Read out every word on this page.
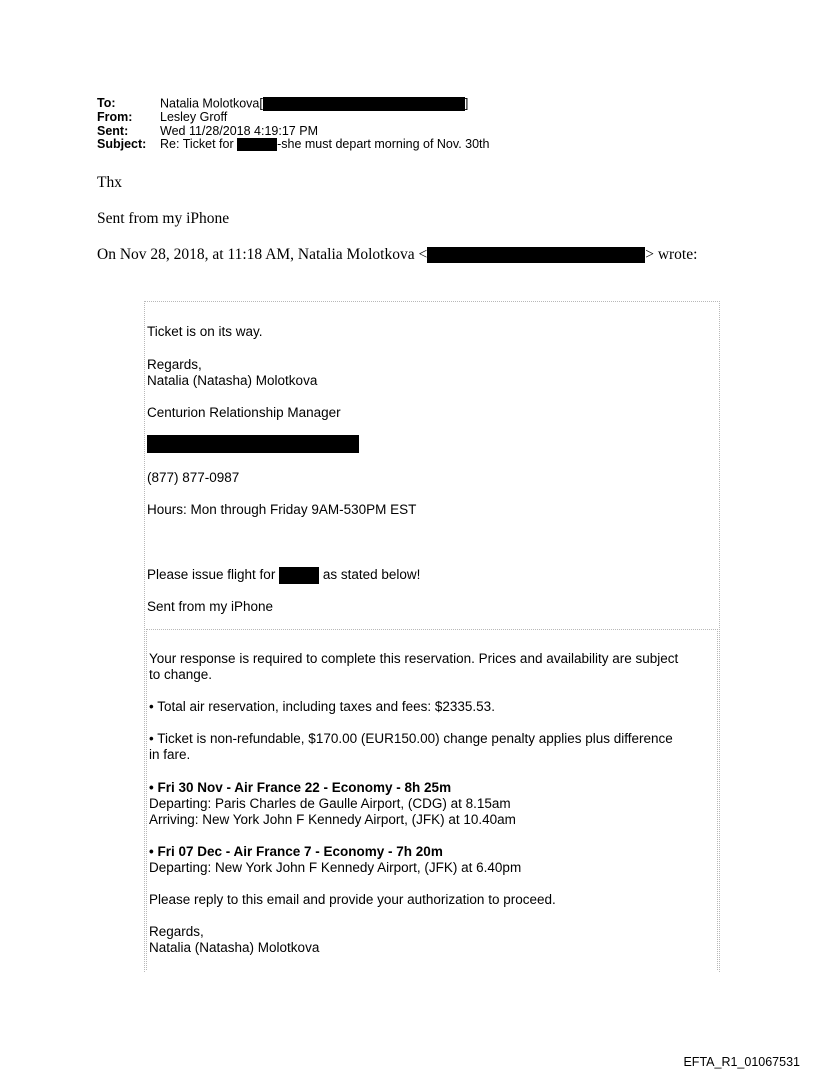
To:	Natalia Molotkova[	]
From:	Lesley Groff
Sent:	Wed 11/28/2018 4:19:17 PM
Subject:	Re: Ticket for	-she must depart morning of Nov. 30th
Thx
Sent from my iPhone
On Nov 28, 2018, at 11:18 AM, Natalia Molotkova <	> wrote:
Ticket is on its way.
Regards,
Natalia (Natasha) Molotkova
Centurion Relationship Manager
(877) 877-0987
Hours: Mon through Friday 9AM-530PM EST
Please issue flight for	as stated below!
Sent from my iPhone
Your response is required to complete this reservation. Prices and availability are subject
to change.
• Total air reservation, including taxes and fees: $2335.53.
• Ticket is non-refundable, $170.00 (EUR150.00) change penalty applies plus difference
in fare.
• Fri 30 Nov - Air France 22 - Economy - 8h 25m
Departing: Paris Charles de Gaulle Airport, (CDG) at 8.15am
Arriving: New York John F Kennedy Airport, (JFK) at 10.40am
• Fri 07 Dec - Air France 7 - Economy - 7h 20m
Departing: New York John F Kennedy Airport, (JFK) at 6.40pm
Please reply to this email and provide your authorization to proceed.
Regards,
Natalia (Natasha) Molotkova
EFTA_R1_01067531
